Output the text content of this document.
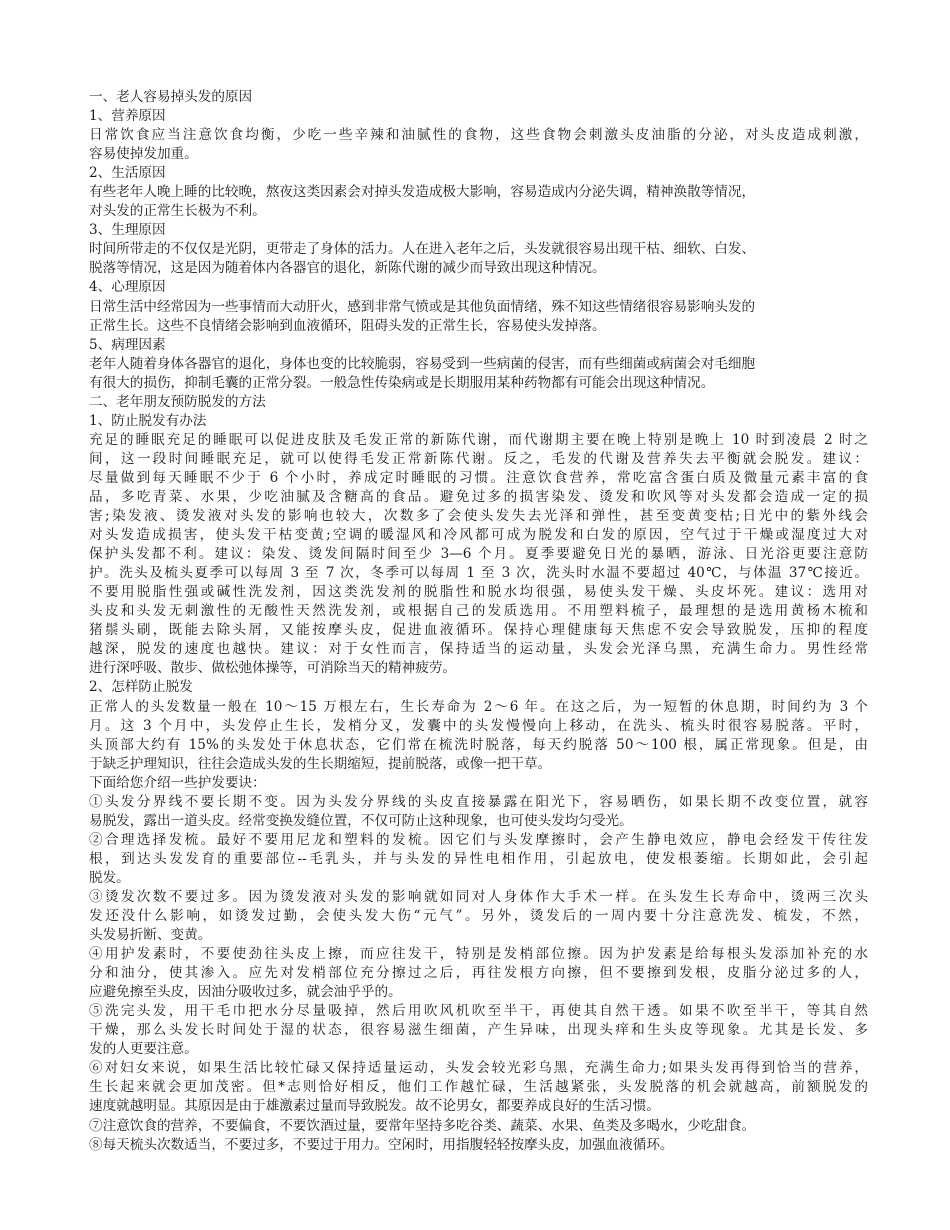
一、老人容易掉头发的原因
1、营养原因
日常饮食应当注意饮食均衡，少吃一些辛辣和油腻性的食物，这些食物会刺激头皮油脂的分泌，对头皮造成刺激，
容易使掉发加重。
2、生活原因
有些老年人晚上睡的比较晚，熬夜这类因素会对掉头发造成极大影响，容易造成内分泌失调，精神涣散等情况，
对头发的正常生长极为不利。
3、生理原因
时间所带走的不仅仅是光阴，更带走了身体的活力。人在进入老年之后，头发就很容易出现干枯、细软、白发、
脱落等情况，这是因为随着体内各器官的退化，新陈代谢的减少而导致出现这种情况。
4、心理原因
日常生活中经常因为一些事情而大动肝火，感到非常气愤或是其他负面情绪，殊不知这些情绪很容易影响头发的
正常生长。这些不良情绪会影响到血液循环，阻碍头发的正常生长，容易使头发掉落。
5、病理因素
老年人随着身体各器官的退化，身体也变的比较脆弱，容易受到一些病菌的侵害，而有些细菌或病菌会对毛细胞
有很大的损伤，抑制毛囊的正常分裂。一般急性传染病或是长期服用某种药物都有可能会出现这种情况。
二、老年朋友预防脱发的方法
1、防止脱发有办法
充足的睡眠充足的睡眠可以促进皮肤及毛发正常的新陈代谢，而代谢期主要在晚上特别是晚上 10 时到凌晨 2 时之
间，这一段时间睡眠充足，就可以使得毛发正常新陈代谢。反之，毛发的代谢及营养失去平衡就会脱发。建议：
尽量做到每天睡眠不少于 6 个小时，养成定时睡眠的习惯。注意饮食营养，常吃富含蛋白质及微量元素丰富的食
品，多吃青菜、水果，少吃油腻及含糖高的食品。避免过多的损害染发、烫发和吹风等对头发都会造成一定的损
害;染发液、烫发液对头发的影响也较大，次数多了会使头发失去光泽和弹性，甚至变黄变枯;日光中的紫外线会
对头发造成损害，使头发干枯变黄;空调的暖湿风和冷风都可成为脱发和白发的原因，空气过于干燥或湿度过大对
保护头发都不利。建议：染发、烫发间隔时间至少 3—6 个月。夏季要避免日光的暴晒，游泳、日光浴更要注意防
护。洗头及梳头夏季可以每周 3 至 7 次，冬季可以每周 1 至 3 次，洗头时水温不要超过 40℃，与体温 37℃接近。
不要用脱脂性强或碱性洗发剂，因这类洗发剂的脱脂性和脱水均很强，易使头发干燥、头皮坏死。建议：选用对
头皮和头发无刺激性的无酸性天然洗发剂，或根据自己的发质选用。不用塑料梳子，最理想的是选用黄杨木梳和
猪鬃头刷，既能去除头屑，又能按摩头皮，促进血液循环。保持心理健康每天焦虑不安会导致脱发，压抑的程度
越深，脱发的速度也越快。建议：对于女性而言，保持适当的运动量，头发会光泽乌黑，充满生命力。男性经常
进行深呼吸、散步、做松弛体操等，可消除当天的精神疲劳。
2、怎样防止脱发
正常人的头发数量一般在 10～15 万根左右，生长寿命为 2～6 年。在这之后，为一短暂的休息期，时间约为 3 个
月。这 3 个月中，头发停止生长，发梢分叉，发囊中的头发慢慢向上移动，在洗头、梳头时很容易脱落。平时，
头顶部大约有 15%的头发处于休息状态，它们常在梳洗时脱落，每天约脱落 50～100 根，属正常现象。但是，由
于缺乏护理知识，往往会造成头发的生长期缩短，提前脱落，或像一把干草。
下面给您介绍一些护发要诀：
①头发分界线不要长期不变。因为头发分界线的头皮直接暴露在阳光下，容易晒伤，如果长期不改变位置，就容
易脱发，露出一道头皮。经常变换发缝位置，不仅可防止这种现象，也可使头发均匀受光。
②合理选择发梳。最好不要用尼龙和塑料的发梳。因它们与头发摩擦时，会产生静电效应，静电会经发干传往发
根，到达头发发育的重要部位--毛乳头，并与头发的异性电相作用，引起放电，使发根萎缩。长期如此，会引起
脱发。
③烫发次数不要过多。因为烫发液对头发的影响就如同对人身体作大手术一样。在头发生长寿命中，烫两三次头
发还没什么影响，如烫发过勤，会使头发大伤“元气”。另外，烫发后的一周内要十分注意洗发、梳发，不然，
头发易折断、变黄。
④用护发素时，不要使劲往头皮上擦，而应往发干，特别是发梢部位擦。因为护发素是给每根头发添加补充的水
分和油分，使其渗入。应先对发梢部位充分擦过之后，再往发根方向擦，但不要擦到发根，皮脂分泌过多的人，
应避免擦至头皮，因油分吸收过多，就会油乎乎的。
⑤洗完头发，用干毛巾把水分尽量吸掉，然后用吹风机吹至半干，再使其自然干透。如果不吹至半干，等其自然
干燥，那么头发长时间处于湿的状态，很容易滋生细菌，产生异味，出现头痒和生头皮等现象。尤其是长发、多
发的人更要注意。
⑥对妇女来说，如果生活比较忙碌又保持适量运动，头发会较光彩乌黑，充满生命力;如果头发再得到恰当的营养，
生长起来就会更加茂密。但*志则恰好相反，他们工作越忙碌，生活越紧张，头发脱落的机会就越高，前额脱发的
速度就越明显。其原因是由于雄激素过量而导致脱发。故不论男女，都要养成良好的生活习惯。
⑦注意饮食的营养，不要偏食，不要饮酒过量，要常年坚持多吃谷类、蔬菜、水果、鱼类及多喝水，少吃甜食。
⑧每天梳头次数适当，不要过多，不要过于用力。空闲时，用指腹轻轻按摩头皮，加强血液循环。
